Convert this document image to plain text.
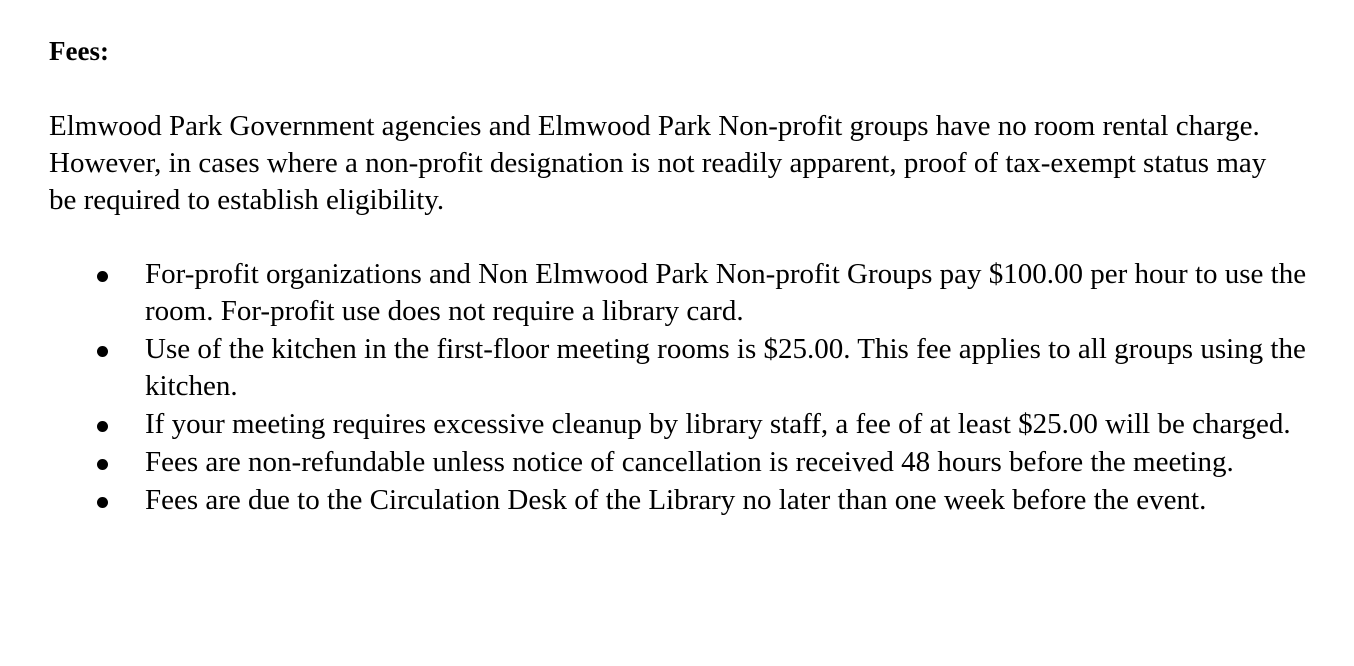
Fees:

Elmwood Park Government agencies and Elmwood Park Non-profit groups have no room rental charge. However, in cases where a non-profit designation is not readily apparent, proof of tax-exempt status may be required to establish eligibility.

For-profit organizations and Non Elmwood Park Non-profit Groups pay $100.00 per hour to use the room. For-profit use does not require a library card.
Use of the kitchen in the first-floor meeting rooms is $25.00. This fee applies to all groups using the kitchen.
If your meeting requires excessive cleanup by library staff, a fee of at least $25.00 will be charged.
Fees are non-refundable unless notice of cancellation is received 48 hours before the meeting.
Fees are due to the Circulation Desk of the Library no later than one week before the event.
